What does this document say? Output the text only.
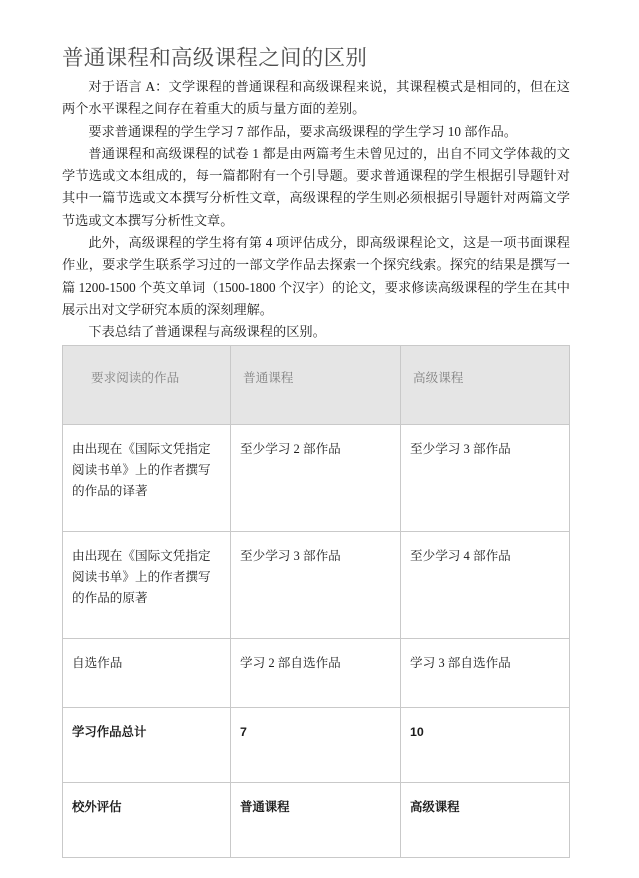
普通课程和高级课程之间的区别

对于语言 A：文学课程的普通课程和高级课程来说，其课程模式是相同的，但在这两个水平课程之间存在着重大的质与量方面的差别。

要求普通课程的学生学习 7 部作品，要求高级课程的学生学习 10 部作品。

普通课程和高级课程的试卷 1 都是由两篇考生未曾见过的，出自不同文学体裁的文学节选或文本组成的，每一篇都附有一个引导题。要求普通课程的学生根据引导题针对其中一篇节选或文本撰写分析性文章，高级课程的学生则必须根据引导题针对两篇文学节选或文本撰写分析性文章。

此外，高级课程的学生将有第 4 项评估成分，即高级课程论文，这是一项书面课程作业，要求学生联系学习过的一部文学作品去探索一个探究线索。探究的结果是撰写一篇 1200-1500 个英文单词（1500-1800 个汉字）的论文，要求修读高级课程的学生在其中展示出对文学研究本质的深刻理解。

下表总结了普通课程与高级课程的区别。

要求阅读的作品	普通课程	高级课程
由出现在《国际文凭指定阅读书单》上的作者撰写的作品的译著	至少学习 2 部作品	至少学习 3 部作品
由出现在《国际文凭指定阅读书单》上的作者撰写的作品的原著	至少学习 3 部作品	至少学习 4 部作品
自选作品	学习 2 部自选作品	学习 3 部自选作品
学习作品总计	7	10
校外评估	普通课程	高级课程
